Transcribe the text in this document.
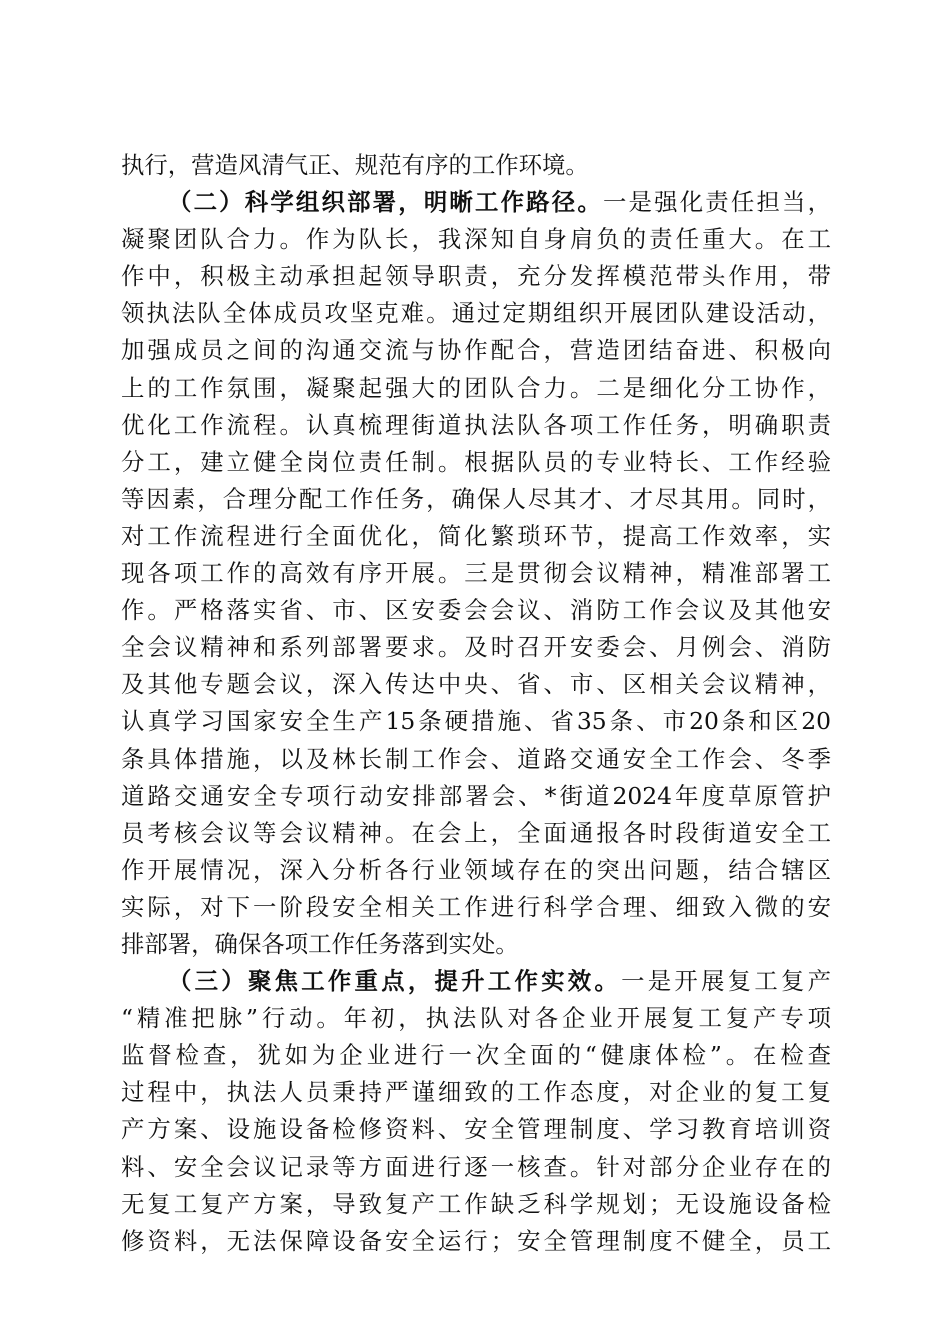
执行，营造风清气正、规范有序的工作环境。
（二）科学组织部署，明晰工作路径。一是强化责任担当，
凝聚团队合力。作为队长，我深知自身肩负的责任重大。在工
作中，积极主动承担起领导职责，充分发挥模范带头作用，带
领执法队全体成员攻坚克难。通过定期组织开展团队建设活动，
加强成员之间的沟通交流与协作配合，营造团结奋进、积极向
上的工作氛围，凝聚起强大的团队合力。二是细化分工协作，
优化工作流程。认真梳理街道执法队各项工作任务，明确职责
分工，建立健全岗位责任制。根据队员的专业特长、工作经验
等因素，合理分配工作任务，确保人尽其才、才尽其用。同时，
对工作流程进行全面优化，简化繁琐环节，提高工作效率，实
现各项工作的高效有序开展。三是贯彻会议精神，精准部署工
作。严格落实省、市、区安委会会议、消防工作会议及其他安
全会议精神和系列部署要求。及时召开安委会、月例会、消防
及其他专题会议，深入传达中央、省、市、区相关会议精神，
认真学习国家安全生产15条硬措施、省35条、市20条和区20
条具体措施，以及林长制工作会、道路交通安全工作会、冬季
道路交通安全专项行动安排部署会、*街道2024年度草原管护
员考核会议等会议精神。在会上，全面通报各时段街道安全工
作开展情况，深入分析各行业领域存在的突出问题，结合辖区
实际，对下一阶段安全相关工作进行科学合理、细致入微的安
排部署，确保各项工作任务落到实处。
（三）聚焦工作重点，提升工作实效。一是开展复工复产
“精准把脉”行动。年初，执法队对各企业开展复工复产专项
监督检查，犹如为企业进行一次全面的“健康体检”。在检查
过程中，执法人员秉持严谨细致的工作态度，对企业的复工复
产方案、设施设备检修资料、安全管理制度、学习教育培训资
料、安全会议记录等方面进行逐一核查。针对部分企业存在的
无复工复产方案，导致复产工作缺乏科学规划；无设施设备检
修资料，无法保障设备安全运行；安全管理制度不健全，员工
